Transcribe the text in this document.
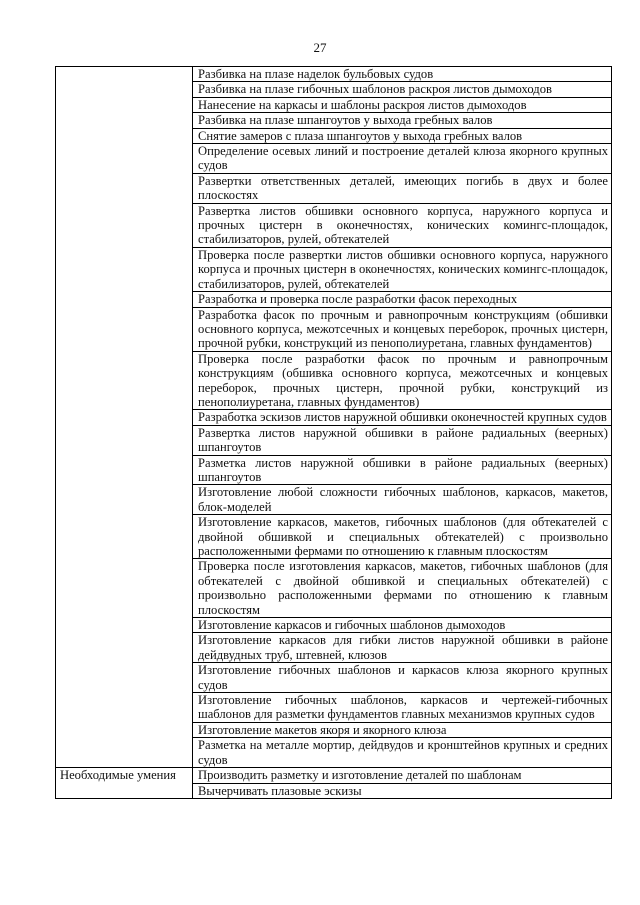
27
	Разбивка на плазе наделок бульбовых судов
	Разбивка на плазе гибочных шаблонов раскроя листов дымоходов
	Нанесение на каркасы и шаблоны раскроя листов дымоходов
	Разбивка на плазе шпангоутов у выхода гребных валов
	Снятие замеров с плаза шпангоутов у выхода гребных валов
	Определение осевых линий и построение деталей клюза якорного крупных судов
	Развертки ответственных деталей, имеющих погибь в двух и более плоскостях
	Развертка листов обшивки основного корпуса, наружного корпуса и прочных цистерн в оконечностях, конических комингс-площадок, стабилизаторов, рулей, обтекателей
	Проверка после развертки листов обшивки основного корпуса, наружного корпуса и прочных цистерн в оконечностях, конических комингс-площадок, стабилизаторов, рулей, обтекателей
	Разработка и проверка после разработки фасок переходных
	Разработка фасок по прочным и равнопрочным конструкциям (обшивки основного корпуса, межотсечных и концевых переборок, прочных цистерн, прочной рубки, конструкций из пенополиуретана, главных фундаментов)
	Проверка после разработки фасок по прочным и равнопрочным конструкциям (обшивка основного корпуса, межотсечных и концевых переборок, прочных цистерн, прочной рубки, конструкций из пенополиуретана, главных фундаментов)
	Разработка эскизов листов наружной обшивки оконечностей крупных судов
	Развертка листов наружной обшивки в районе радиальных (веерных) шпангоутов
	Разметка листов наружной обшивки в районе радиальных (веерных) шпангоутов
	Изготовление любой сложности гибочных шаблонов, каркасов, макетов, блок-моделей
	Изготовление каркасов, макетов, гибочных шаблонов (для обтекателей с двойной обшивкой и специальных обтекателей) с произвольно расположенными фермами по отношению к главным плоскостям
	Проверка после изготовления каркасов, макетов, гибочных шаблонов (для обтекателей с двойной обшивкой и специальных обтекателей) с произвольно расположенными фермами по отношению к главным плоскостям
	Изготовление каркасов и гибочных шаблонов дымоходов
	Изготовление каркасов для гибки листов наружной обшивки в районе дейдвудных труб, штевней, клюзов
	Изготовление гибочных шаблонов и каркасов клюза якорного крупных судов
	Изготовление гибочных шаблонов, каркасов и чертежей-гибочных шаблонов для разметки фундаментов главных механизмов крупных судов
	Изготовление макетов якоря и якорного клюза
	Разметка на металле мортир, дейдвудов и кронштейнов крупных и средних судов
Необходимые умения	Производить разметку и изготовление деталей по шаблонам
	Вычерчивать плазовые эскизы
